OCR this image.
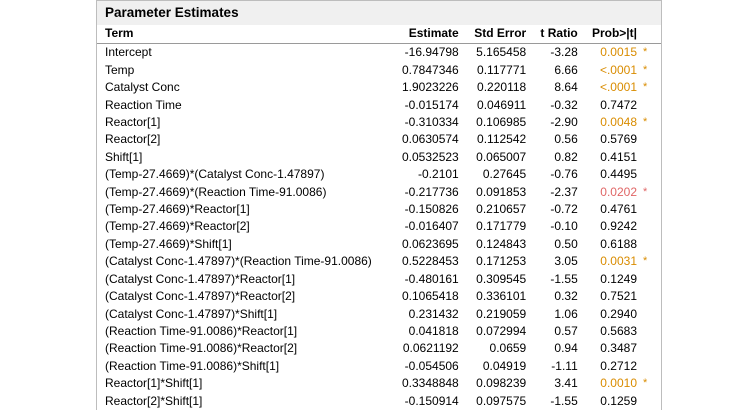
Parameter Estimates
Term	Estimate	Std Error	t Ratio	Prob>|t|	
Intercept	-16.94798	5.165458	-3.28	0.0015	*
Temp	0.7847346	0.117771	6.66	<.0001	*
Catalyst Conc	1.9023226	0.220118	8.64	<.0001	*
Reaction Time	-0.015174	0.046911	-0.32	0.7472	
Reactor[1]	-0.310334	0.106985	-2.90	0.0048	*
Reactor[2]	0.0630574	0.112542	0.56	0.5769	
Shift[1]	0.0532523	0.065007	0.82	0.4151	
(Temp-27.4669)*(Catalyst Conc-1.47897)	-0.2101	0.27645	-0.76	0.4495	
(Temp-27.4669)*(Reaction Time-91.0086)	-0.217736	0.091853	-2.37	0.0202	*
(Temp-27.4669)*Reactor[1]	-0.150826	0.210657	-0.72	0.4761	
(Temp-27.4669)*Reactor[2]	-0.016407	0.171779	-0.10	0.9242	
(Temp-27.4669)*Shift[1]	0.0623695	0.124843	0.50	0.6188	
(Catalyst Conc-1.47897)*(Reaction Time-91.0086)	0.5228453	0.171253	3.05	0.0031	*
(Catalyst Conc-1.47897)*Reactor[1]	-0.480161	0.309545	-1.55	0.1249	
(Catalyst Conc-1.47897)*Reactor[2]	0.1065418	0.336101	0.32	0.7521	
(Catalyst Conc-1.47897)*Shift[1]	0.231432	0.219059	1.06	0.2940	
(Reaction Time-91.0086)*Reactor[1]	0.041818	0.072994	0.57	0.5683	
(Reaction Time-91.0086)*Reactor[2]	0.0621192	0.0659	0.94	0.3487	
(Reaction Time-91.0086)*Shift[1]	-0.054506	0.04919	-1.11	0.2712	
Reactor[1]*Shift[1]	0.3348848	0.098239	3.41	0.0010	*
Reactor[2]*Shift[1]	-0.150914	0.097575	-1.55	0.1259	
